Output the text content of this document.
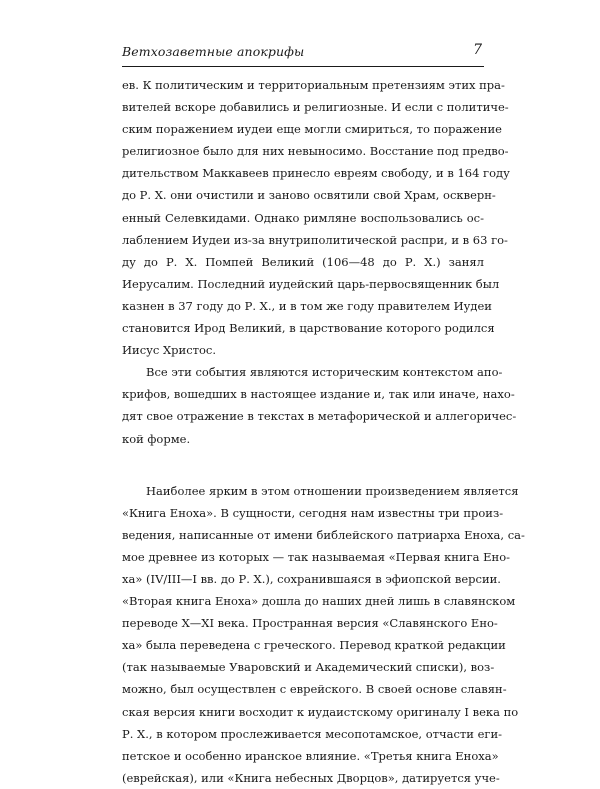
Ветхозаветные апокрифы	7
ев. К политическим и территориальным претензиям этих пра-
вителей вскоре добавились и религиозные. И если с политиче-
ским поражением иудеи еще могли смириться, то поражение
религиозное было для них невыносимо. Восстание под предво-
дительством Маккавеев принесло евреям свободу, и в 164 году
до Р. Х. они очистили и заново освятили свой Храм, оскверн-
енный Селевкидами. Однако римляне воспользовались ос-
лаблением Иудеи из-за внутриполитической распри, и в 63 го-
ду до Р. Х. Помпей Великий (106—48 до Р. Х.) занял
Иерусалим. Последний иудейский царь-первосвященник был
казнен в 37 году до Р. Х., и в том же году правителем Иудеи
становится Ирод Великий, в царствование которого родился
Иисус Христос.
Все эти события являются историческим контекстом апо-
крифов, вошедших в настоящее издание и, так или иначе, нахо-
дят свое отражение в текстах в метафорической и аллегоричес-
кой форме.
Наиболее ярким в этом отношении произведением является
«Книга Еноха». В сущности, сегодня нам известны три произ-
ведения, написанные от имени библейского патриарха Еноха, са-
мое древнее из которых — так называемая «Первая книга Ено-
ха» (IV/III—I вв. до Р. Х.), сохранившаяся в эфиопской версии.
«Вторая книга Еноха» дошла до наших дней лишь в славянском
переводе X—XI века. Пространная версия «Славянского Ено-
ха» была переведена с греческого. Перевод краткой редакции
(так называемые Уваровский и Академический списки), воз-
можно, был осуществлен с еврейского. В своей основе славян-
ская версия книги восходит к иудаистскому оригиналу I века по
Р. Х., в котором прослеживается месопотамское, отчасти еги-
петское и особенно иранское влияние. «Третья книга Еноха»
(еврейская), или «Книга небесных Дворцов», датируется уче-
